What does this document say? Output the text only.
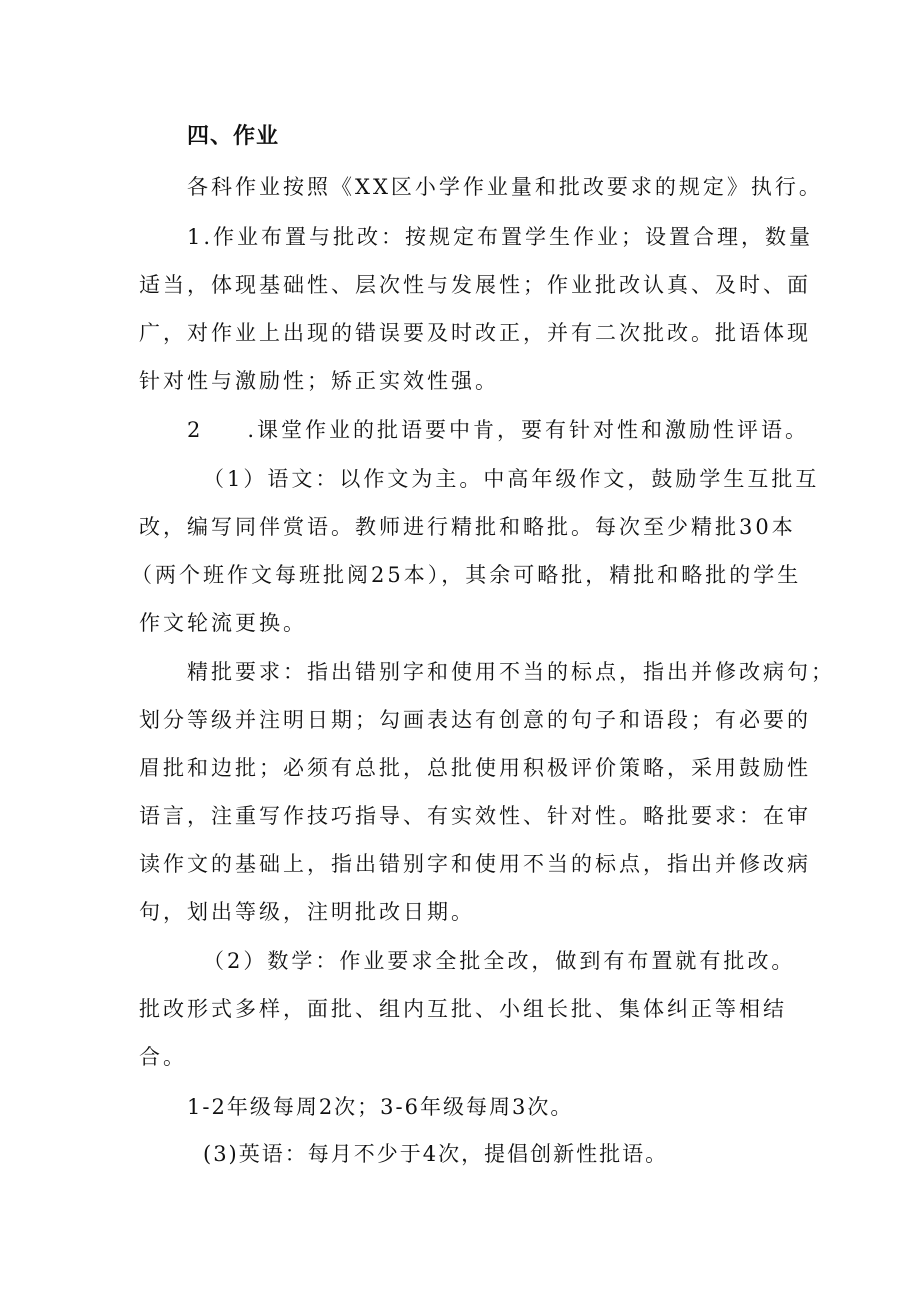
四、作业
各科作业按照《XX区小学作业量和批改要求的规定》执行。
1.作业布置与批改：按规定布置学生作业；设置合理，数量
适当，体现基础性、层次性与发展性；作业批改认真、及时、面
广，对作业上出现的错误要及时改正，并有二次批改。批语体现
针对性与激励性；矫正实效性强。
2 .课堂作业的批语要中肯，要有针对性和激励性评语。
（1）语文：以作文为主。中高年级作文，鼓励学生互批互
改，编写同伴赏语。教师进行精批和略批。每次至少精批30本
（两个班作文每班批阅25本），其余可略批，精批和略批的学生
作文轮流更换。
精批要求：指出错别字和使用不当的标点，指出并修改病句；
划分等级并注明日期；勾画表达有创意的句子和语段；有必要的
眉批和边批；必须有总批，总批使用积极评价策略，采用鼓励性
语言，注重写作技巧指导、有实效性、针对性。略批要求：在审
读作文的基础上，指出错别字和使用不当的标点，指出并修改病
句，划出等级，注明批改日期。
（2）数学：作业要求全批全改，做到有布置就有批改。
批改形式多样，面批、组内互批、小组长批、集体纠正等相结
合。
1-2年级每周2次；3-6年级每周3次。
(3)英语：每月不少于4次，提倡创新性批语。
